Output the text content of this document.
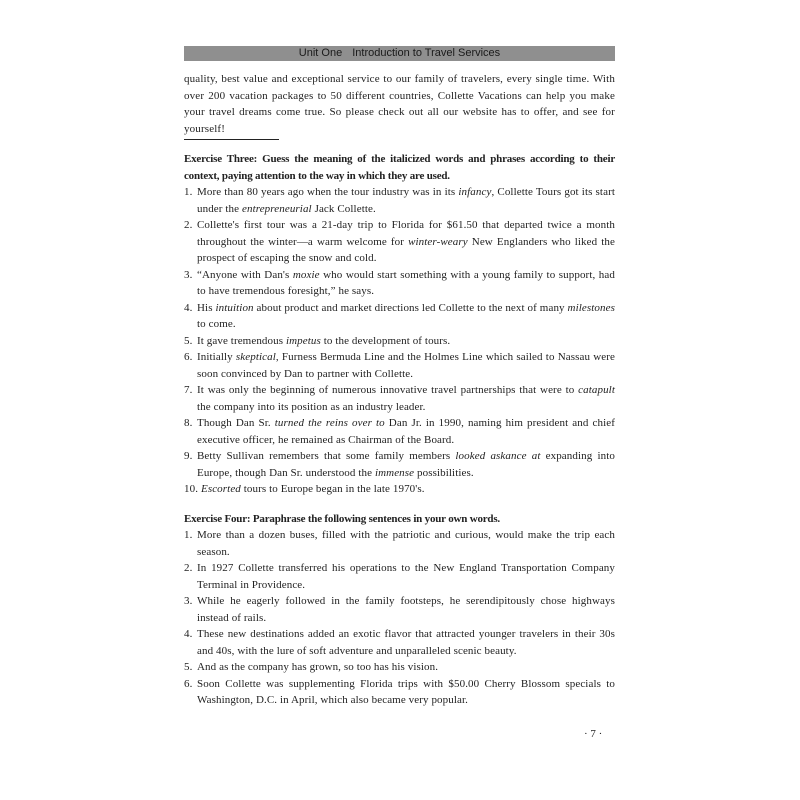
Unit One Introduction to Travel Services
quality, best value and exceptional service to our family of travelers, every single time. With over 200 vacation packages to 50 different countries, Collette Vacations can help you make your travel dreams come true. So please check out all our website has to offer, and see for yourself!
Exercise Three: Guess the meaning of the italicized words and phrases according to their context, paying attention to the way in which they are used.
1. More than 80 years ago when the tour industry was in its infancy, Collette Tours got its start under the entrepreneurial Jack Collette.
2. Collette's first tour was a 21-day trip to Florida for $61.50 that departed twice a month throughout the winter—a warm welcome for winter-weary New Englanders who liked the prospect of escaping the snow and cold.
3. “Anyone with Dan's moxie who would start something with a young family to support, had to have tremendous foresight,” he says.
4. His intuition about product and market directions led Collette to the next of many milestones to come.
5. It gave tremendous impetus to the development of tours.
6. Initially skeptical, Furness Bermuda Line and the Holmes Line which sailed to Nassau were soon convinced by Dan to partner with Collette.
7. It was only the beginning of numerous innovative travel partnerships that were to catapult the company into its position as an industry leader.
8. Though Dan Sr. turned the reins over to Dan Jr. in 1990, naming him president and chief executive officer, he remained as Chairman of the Board.
9. Betty Sullivan remembers that some family members looked askance at expanding into Europe, though Dan Sr. understood the immense possibilities.
10. Escorted tours to Europe began in the late 1970's.
Exercise Four: Paraphrase the following sentences in your own words.
1. More than a dozen buses, filled with the patriotic and curious, would make the trip each season.
2. In 1927 Collette transferred his operations to the New England Transportation Company Terminal in Providence.
3. While he eagerly followed in the family footsteps, he serendipitously chose highways instead of rails.
4. These new destinations added an exotic flavor that attracted younger travelers in their 30s and 40s, with the lure of soft adventure and unparalleled scenic beauty.
5. And as the company has grown, so too has his vision.
6. Soon Collette was supplementing Florida trips with $50.00 Cherry Blossom specials to Washington, D.C. in April, which also became very popular.
· 7 ·
